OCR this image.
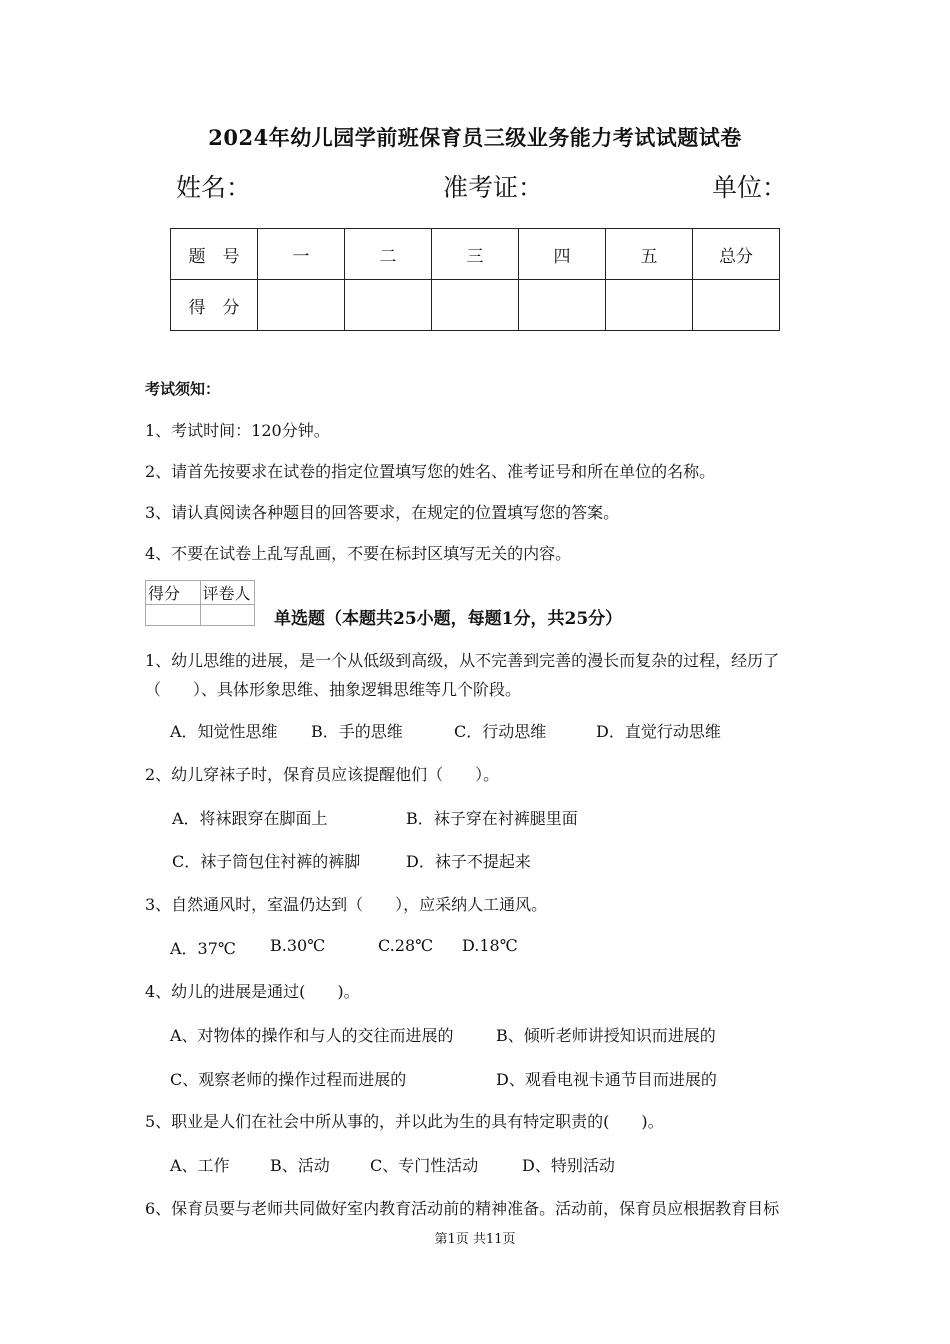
2024年幼儿园学前班保育员三级业务能力考试试题试卷
姓名：	准考证：	单位：
题　号	一	二	三	四	五	总分
得　分						
考试须知：
1、考试时间：120分钟。
2、请首先按要求在试卷的指定位置填写您的姓名、准考证号和所在单位的名称。
3、请认真阅读各种题目的回答要求，在规定的位置填写您的答案。
4、不要在试卷上乱写乱画，不要在标封区填写无关的内容。
得分	评卷人

单选题（本题共25小题，每题1分，共25分）
1、幼儿思维的进展，是一个从低级到高级，从不完善到完善的漫长而复杂的过程，经历了
（　　）、具体形象思维、抽象逻辑思维等几个阶段。
A．知觉性思维 B．手的思维	C．行动思维	D．直觉行动思维
2、幼儿穿袜子时，保育员应该提醒他们（　　）。
A．将袜跟穿在脚面上	B．袜子穿在衬裤腿里面
C．袜子筒包住衬裤的裤脚	D．袜子不提起来
3、自然通风时，室温仍达到（　　），应采纳人工通风。
A．37℃ B.30℃	C.28℃ D.18℃
4、幼儿的进展是通过(　　)。
A、对物体的操作和与人的交往而进展的	B、倾听老师讲授知识而进展的
C、观察老师的操作过程而进展的	D、观看电视卡通节目而进展的
5、职业是人们在社会中所从事的，并以此为生的具有特定职责的(　　)。
A、工作	B、活动	C、专门性活动	D、特别活动
6、保育员要与老师共同做好室内教育活动前的精神准备。活动前，保育员应根据教育目标
第1页 共11页
